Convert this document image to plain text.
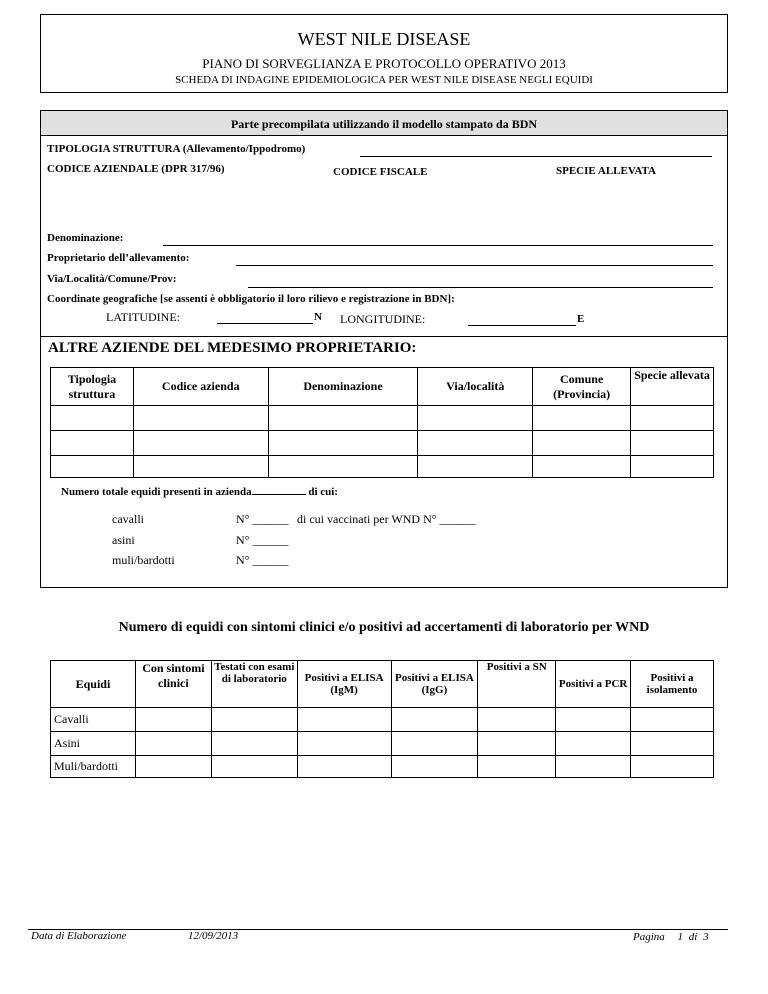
WEST NILE DISEASE
PIANO DI SORVEGLIANZA E PROTOCOLLO OPERATIVO 2013
SCHEDA DI INDAGINE EPIDEMIOLOGICA PER WEST NILE DISEASE NEGLI EQUIDI
Parte precompilata utilizzando il modello stampato da BDN
TIPOLOGIA STRUTTURA (Allevamento/Ippodromo)
CODICE AZIENDALE (DPR 317/96)	CODICE FISCALE	SPECIE ALLEVATA
Denominazione:
Proprietario dell’allevamento:
Via/Località/Comune/Prov:
Coordinate geografiche [se assenti è obbligatorio il loro rilievo e registrazione in BDN]:
LATITUDINE:	N LONGITUDINE:	E
ALTRE AZIENDE DEL MEDESIMO PROPRIETARIO:
Tipologia struttura	Codice azienda	Denominazione	Via/località	Comune (Provincia)	Specie allevata

Numero totale equidi presenti in azienda	di cui:
cavalli	N° ______ di cui vaccinati per WND N° ______
asini	N° ______
muli/bardotti	N° ______
Numero di equidi con sintomi clinici e/o positivi ad accertamenti di laboratorio per WND
Equidi	Con sintomi clinici	Testati con esami di laboratorio	Positivi a ELISA (IgM)	Positivi a ELISA (IgG)	Positivi a SN	Positivi a PCR	Positivi a isolamento
Cavalli							
Asini							
Muli/bardotti							
Data di Elaborazione	12/09/2013	Pagina 1 di 3
